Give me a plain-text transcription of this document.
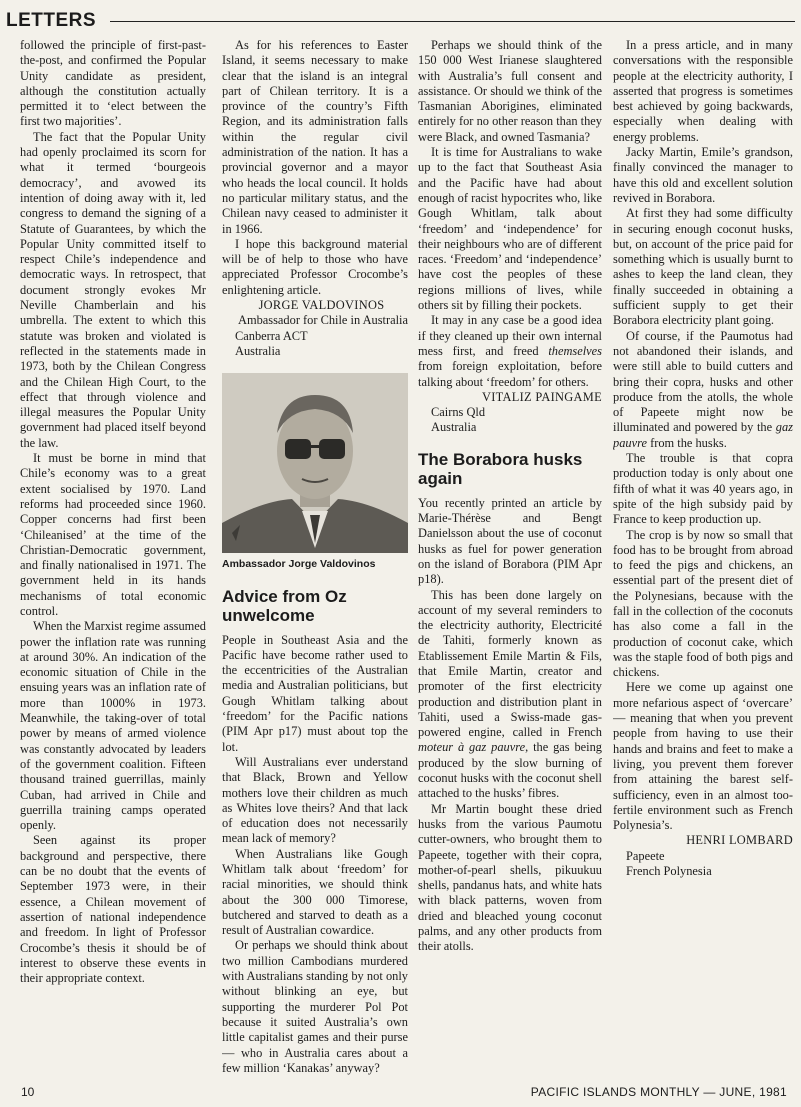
LETTERS

followed the principle of first-past-the-post, and confirmed the Popular Unity candidate as president, although the constitution actually permitted it to ‘elect between the first two majorities’.

The fact that the Popular Unity had openly proclaimed its scorn for what it termed ‘bourgeois democracy’, and avowed its intention of doing away with it, led congress to demand the signing of a Statute of Guarantees, by which the Popular Unity committed itself to respect Chile’s independence and democratic ways. In retrospect, that document strongly evokes Mr Neville Chamberlain and his umbrella. The extent to which this statute was broken and violated is reflected in the statements made in 1973, both by the Chilean Congress and the Chilean High Court, to the effect that through violence and illegal measures the Popular Unity government had placed itself beyond the law.

It must be borne in mind that Chile’s economy was to a great extent socialised by 1970. Land reforms had proceeded since 1960. Copper concerns had first been ‘Chileanised’ at the time of the Christian-Democratic government, and finally nationalised in 1971. The government held in its hands mechanisms of total economic control.

When the Marxist regime assumed power the inflation rate was running at around 30%. An indication of the economic situation of Chile in the ensuing years was an inflation rate of more than 1000% in 1973. Meanwhile, the taking-over of total power by means of armed violence was constantly advocated by leaders of the government coalition. Fifteen thousand trained guerrillas, mainly Cuban, had arrived in Chile and guerrilla training camps operated openly.

Seen against its proper background and perspective, there can be no doubt that the events of September 1973 were, in their essence, a Chilean movement of assertion of national independence and freedom. In light of Professor Crocombe’s thesis it should be of interest to observe these events in their appropriate context.

As for his references to Easter Island, it seems necessary to make clear that the island is an integral part of Chilean territory. It is a province of the country’s Fifth Region, and its administration falls within the regular civil administration of the nation. It has a provincial governor and a mayor who heads the local council. It holds no particular military status, and the Chilean navy ceased to administer it in 1966.

I hope this background material will be of help to those who have appreciated Professor Crocombe’s enlightening article.

JORGE VALDOVINOS

Ambassador for Chile in Australia

Canberra ACT

Australia

Ambassador Jorge Valdovinos
Advice from Oz unwelcome

People in Southeast Asia and the Pacific have become rather used to the eccentricities of the Australian media and Australian politicians, but Gough Whitlam talking about ‘freedom’ for the Pacific nations (PIM Apr p17) must about top the lot.

Will Australians ever understand that Black, Brown and Yellow mothers love their children as much as Whites love theirs? And that lack of education does not necessarily mean lack of memory?

When Australians like Gough Whitlam talk about ‘freedom’ for racial minorities, we should think about the 300 000 Timorese, butchered and starved to death as a result of Australian cowardice.

Or perhaps we should think about two million Cambodians murdered with Australians standing by not only without blinking an eye, but supporting the murderer Pol Pot because it suited Australia’s own little capitalist games and their purse — who in Australia cares about a few million ‘Kanakas’ anyway?

Perhaps we should think of the 150 000 West Irianese slaughtered with Australia’s full consent and assistance. Or should we think of the Tasmanian Aborigines, eliminated entirely for no other reason than they were Black, and owned Tasmania?

It is time for Australians to wake up to the fact that Southeast Asia and the Pacific have had about enough of racist hypocrites who, like Gough Whitlam, talk about ‘freedom’ and ‘independence’ for their neighbours who are of different races. ‘Freedom’ and ‘independence’ have cost the peoples of these regions millions of lives, while others sit by filling their pockets.

It may in any case be a good idea if they cleaned up their own internal mess first, and freed themselves from foreign exploitation, before talking about ‘freedom’ for others.

VITALIZ PAINGAME

Cairns Qld

Australia

The Borabora husks again

You recently printed an article by Marie-Thérèse and Bengt Danielsson about the use of coconut husks as fuel for power generation on the island of Borabora (PIM Apr p18).

This has been done largely on account of my several reminders to the electricity authority, Electricité de Tahiti, formerly known as Etablissement Emile Martin & Fils, that Emile Martin, creator and promoter of the first electricity production and distribution plant in Tahiti, used a Swiss-made gas-powered engine, called in French moteur à gaz pauvre, the gas being produced by the slow burning of coconut husks with the coconut shell attached to the husks’ fibres.

Mr Martin bought these dried husks from the various Paumotu cutter-owners, who brought them to Papeete, together with their copra, mother-of-pearl shells, pikuukuu shells, pandanus hats, and white hats with black patterns, woven from dried and bleached young coconut palms, and any other products from their atolls.

In a press article, and in many conversations with the responsible people at the electricity authority, I asserted that progress is sometimes best achieved by going backwards, especially when dealing with energy problems.

Jacky Martin, Emile’s grandson, finally convinced the manager to have this old and excellent solution revived in Borabora.

At first they had some difficulty in securing enough coconut husks, but, on account of the price paid for something which is usually burnt to ashes to keep the land clean, they finally succeeded in obtaining a sufficient supply to get their Borabora electricity plant going.

Of course, if the Paumotus had not abandoned their islands, and were still able to build cutters and bring their copra, husks and other produce from the atolls, the whole of Papeete might now be illuminated and powered by the gaz pauvre from the husks.

The trouble is that copra production today is only about one fifth of what it was 40 years ago, in spite of the high subsidy paid by France to keep production up.

The crop is by now so small that food has to be brought from abroad to feed the pigs and chickens, an essential part of the present diet of the Polynesians, because with the fall in the collection of the coconuts has also come a fall in the production of coconut cake, which was the staple food of both pigs and chickens.

Here we come up against one more nefarious aspect of ‘overcare’ — meaning that when you prevent people from having to use their hands and brains and feet to make a living, you prevent them forever from attaining the barest self-sufficiency, even in an almost too-fertile environment such as French Polynesia’s.

HENRI LOMBARD

Papeete

French Polynesia

10	PACIFIC ISLANDS MONTHLY — JUNE, 1981
